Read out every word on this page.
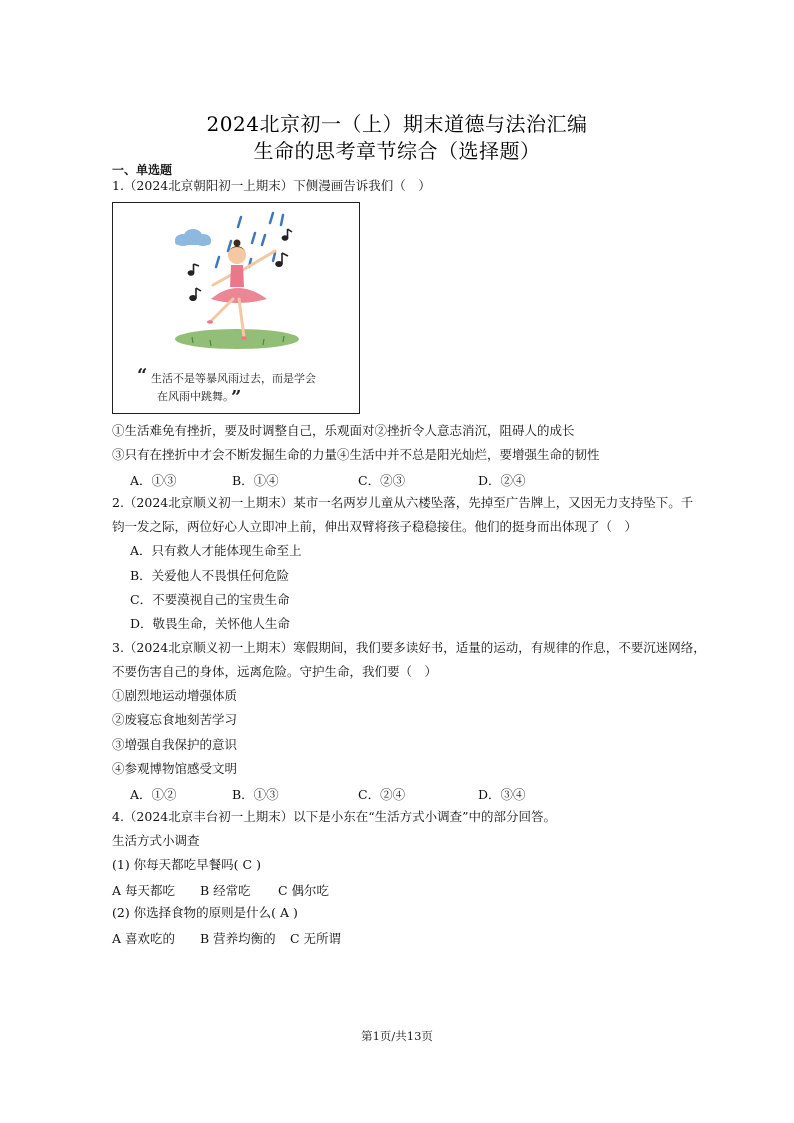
2024北京初一（上）期末道德与法治汇编
生命的思考章节综合（选择题）
一、单选题
1.（2024北京朝阳初一上期末）下侧漫画告诉我们（　）
“ 生活不是等暴风雨过去，而是学会
在风雨中跳舞。
”
①生活难免有挫折，要及时调整自己，乐观面对②挫折令人意志消沉，阻碍人的成长
③只有在挫折中才会不断发掘生命的力量④生活中并不总是阳光灿烂，要增强生命的韧性
A．①③	B．①④	C．②③	D．②④
2.（2024北京顺义初一上期末）某市一名两岁儿童从六楼坠落，先掉至广告牌上，又因无力支持坠下。千
钧一发之际，两位好心人立即冲上前，伸出双臂将孩子稳稳接住。他们的挺身而出体现了（　）
A．只有救人才能体现生命至上
B．关爱他人不畏惧任何危险
C．不要漠视自己的宝贵生命
D．敬畏生命，关怀他人生命
3.（2024北京顺义初一上期末）寒假期间，我们要多读好书，适量的运动，有规律的作息，不要沉迷网络，
不要伤害自己的身体，远离危险。守护生命，我们要（　）
①剧烈地运动增强体质
②废寝忘食地刻苦学习
③增强自我保护的意识
④参观博物馆感受文明
A．①②	B．①③	C．②④	D．③④
4.（2024北京丰台初一上期末）以下是小东在“生活方式小调查”中的部分回答。
生活方式小调查
(1) 你每天都吃早餐吗( C )
A 每天都吃 B 经常吃 C 偶尔吃
(2) 你选择食物的原则是什么( A )
A 喜欢吃的 B 营养均衡的 C 无所谓
第1页/共13页
